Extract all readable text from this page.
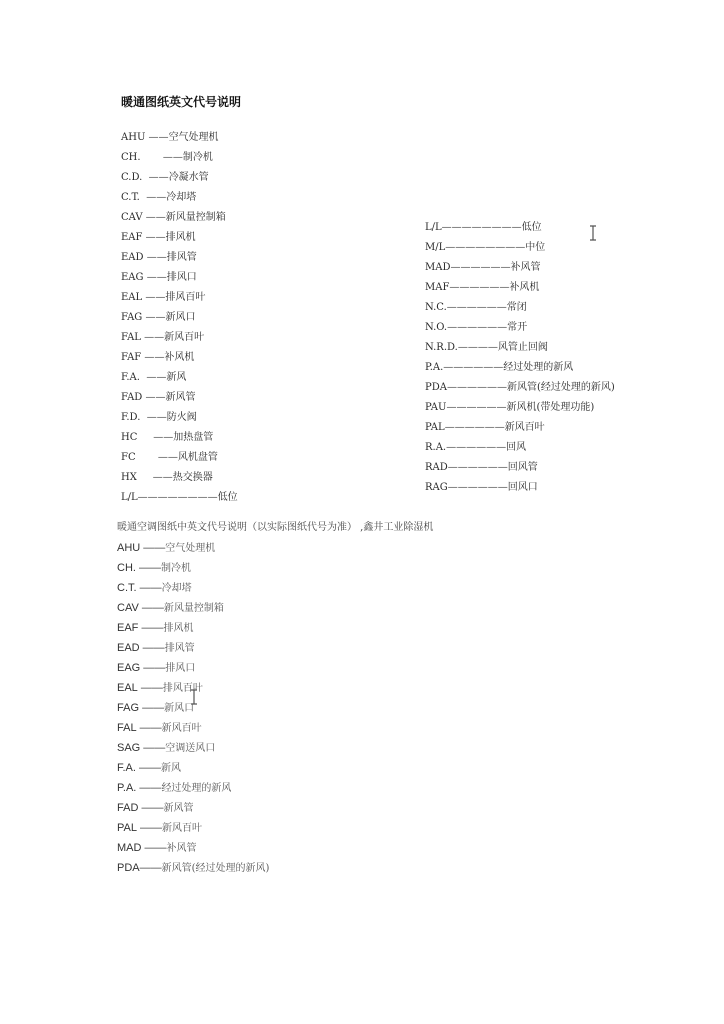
暖通图纸英文代号说明
AHU ——空气处理机
CH.       ——制冷机
C.D.  ——冷凝水管
C.T.  ——冷却塔
CAV ——新风量控制箱
EAF ——排风机
EAD ——排风管
EAG ——排风口
EAL ——排风百叶
FAG ——新风口
FAL ——新风百叶
FAF ——补风机
F.A.  ——新风
FAD ——新风管
F.D.  ——防火阀
HC     ——加热盘管
FC       ——风机盘管
HX     ——热交换器
L/L————————低位
L/L————————低位
M/L————————中位
MAD——————补风管
MAF——————补风机
N.C.——————常闭
N.O.——————常开
N.R.D.————风管止回阀
P.A.——————经过处理的新风
PDA——————新风管(经过处理的新风)
PAU——————新风机(带处理功能)
PAL——————新风百叶
R.A.——————回风
RAD——————回风管
RAG——————回风口
暖通空调图纸中英文代号说明（以实际图纸代号为准） ,鑫井工业除湿机
AHU ——空气处理机
CH. ——制冷机
C.T. ——冷却塔
CAV ——新风量控制箱
EAF ——排风机
EAD ——排风管
EAG ——排风口
EAL ——排风百叶
FAG ——新风口
FAL ——新风百叶
SAG ——空调送风口
F.A. ——新风
P.A. ——经过处理的新风
FAD ——新风管
PAL ——新风百叶
MAD ——补风管
PDA——新风管(经过处理的新风)
